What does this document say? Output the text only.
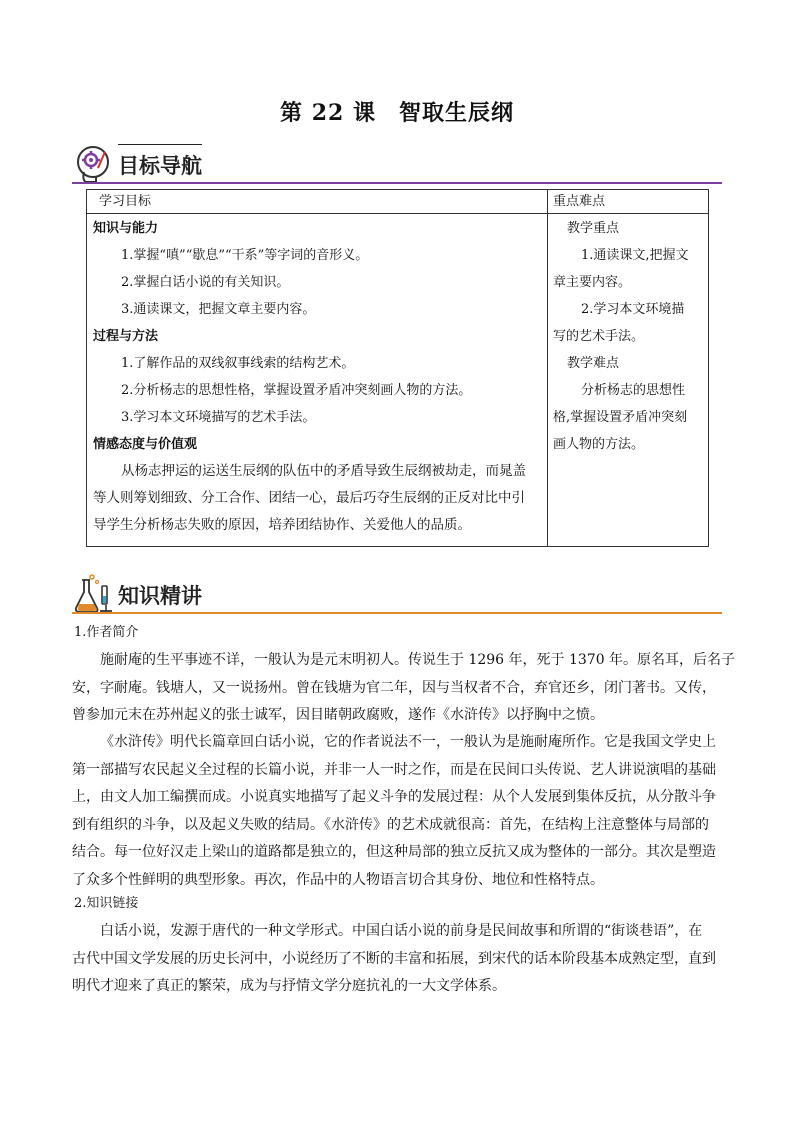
第 22 课　智取生辰纲
目标导航
学习目标	重点难点
知识与能力
1.掌握“嗔”“歇息”“干系”等字词的音形义。
2.掌握白话小说的有关知识。
3.通读课文，把握文章主要内容。
过程与方法
1.了解作品的双线叙事线索的结构艺术。
2.分析杨志的思想性格，掌握设置矛盾冲突刻画人物的方法。
3.学习本文环境描写的艺术手法。
情感态度与价值观
从杨志押运的运送生辰纲的队伍中的矛盾导致生辰纲被劫走，而晁盖
等人则筹划细致、分工合作、团结一心，最后巧夺生辰纲的正反对比中引
导学生分析杨志失败的原因，培养团结协作、关爱他人的品质。
教学重点
1.通读课文,把握文
章主要内容。
2.学习本文环境描
写的艺术手法。
教学难点
分析杨志的思想性
格,掌握设置矛盾冲突刻
画人物的方法。
知识精讲
1.作者简介
施耐庵的生平事迹不详，一般认为是元末明初人。传说生于 1296 年，死于 1370 年。原名耳，后名子
安，字耐庵。钱塘人，又一说扬州。曾在钱塘为官二年，因与当权者不合，弃官还乡，闭门著书。又传，
曾参加元末在苏州起义的张士诚军，因目睹朝政腐败，遂作《水浒传》以抒胸中之愤。
《水浒传》明代长篇章回白话小说，它的作者说法不一，一般认为是施耐庵所作。它是我国文学史上
第一部描写农民起义全过程的长篇小说，并非一人一时之作，而是在民间口头传说、艺人讲说演唱的基础
上，由文人加工编撰而成。小说真实地描写了起义斗争的发展过程：从个人发展到集体反抗，从分散斗争
到有组织的斗争，以及起义失败的结局。《水浒传》的艺术成就很高：首先，在结构上注意整体与局部的
结合。每一位好汉走上梁山的道路都是独立的，但这种局部的独立反抗又成为整体的一部分。其次是塑造
了众多个性鲜明的典型形象。再次，作品中的人物语言切合其身份、地位和性格特点。
2.知识链接
白话小说，发源于唐代的一种文学形式。中国白话小说的前身是民间故事和所谓的“街谈巷语”，在
古代中国文学发展的历史长河中，小说经历了不断的丰富和拓展，到宋代的话本阶段基本成熟定型，直到
明代才迎来了真正的繁荣，成为与抒情文学分庭抗礼的一大文学体系。
